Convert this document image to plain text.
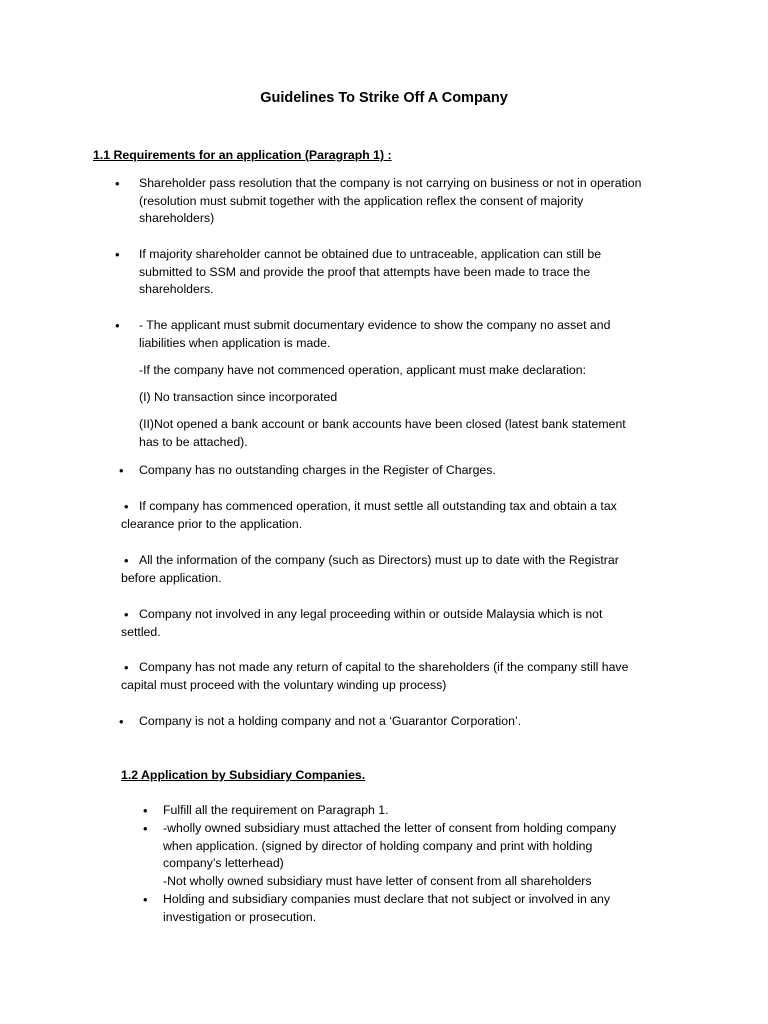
Guidelines To Strike Off A Company
1.1 Requirements for an application (Paragraph 1) :
• Shareholder pass resolution that the company is not carrying on business or not in operation
(resolution must submit together with the application reflex the consent of majority
shareholders)
• If majority shareholder cannot be obtained due to untraceable, application can still be
submitted to SSM and provide the proof that attempts have been made to trace the
shareholders.
• - The applicant must submit documentary evidence to show the company no asset and
liabilities when application is made.
-If the company have not commenced operation, applicant must make declaration:
(I) No transaction since incorporated
(II)Not opened a bank account or bank accounts have been closed (latest bank statement
has to be attached).
• Company has no outstanding charges in the Register of Charges.
• If company has commenced operation, it must settle all outstanding tax and obtain a tax
clearance prior to the application.
• All the information of the company (such as Directors) must up to date with the Registrar
before application.
• Company not involved in any legal proceeding within or outside Malaysia which is not
settled.
• Company has not made any return of capital to the shareholders (if the company still have
capital must proceed with the voluntary winding up process)
• Company is not a holding company and not a ‘Guarantor Corporation’.
1.2 Application by Subsidiary Companies.
• Fulfill all the requirement on Paragraph 1.
• -wholly owned subsidiary must attached the letter of consent from holding company
when application. (signed by director of holding company and print with holding
company’s letterhead)
-Not wholly owned subsidiary must have letter of consent from all shareholders
• Holding and subsidiary companies must declare that not subject or involved in any
investigation or prosecution.
